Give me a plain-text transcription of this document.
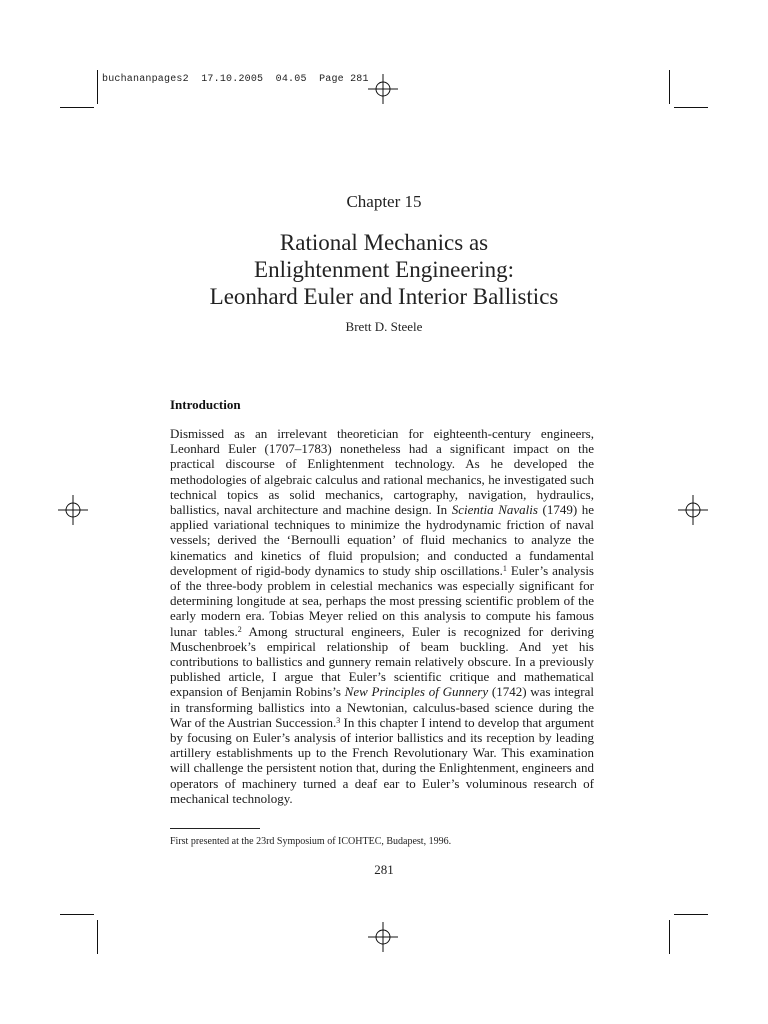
buchananpages2 17.10.2005 04.05 Page 281
Chapter 15
Rational Mechanics as
Enlightenment Engineering:
Leonhard Euler and Interior Ballistics
Brett D. Steele
Introduction

Dismissed as an irrelevant theoretician for eighteenth-century engineers, Leonhard Euler (1707–1783) nonetheless had a significant impact on the practical discourse of Enlightenment technology. As he developed the methodologies of algebraic calculus and rational mechanics, he investigated such technical topics as solid mechanics, cartography, navigation, hydraulics, ballistics, naval architecture and machine design. In Scientia Navalis (1749) he applied variational techniques to minimize the hydrodynamic friction of naval vessels; derived the ‘Bernoulli equation’ of fluid mechanics to analyze the kinematics and kinetics of fluid propulsion; and conducted a fundamental development of rigid-body dynamics to study ship oscillations.$^1$ Euler’s analysis of the three-body problem in celestial mechanics was especially significant for determining longitude at sea, perhaps the most pressing scientific problem of the early modern era. Tobias Meyer relied on this analysis to compute his famous lunar tables.$^2$ Among structural engineers, Euler is recognized for deriving Muschenbroek’s empirical relationship of beam buckling. And yet his contributions to ballistics and gunnery remain relatively obscure. In a previously published article, I argue that Euler’s scientific critique and mathematical expansion of Benjamin Robins’s New Principles of Gunnery (1742) was integral in transforming ballistics into a Newtonian, calculus-based science during the War of the Austrian Succession.$^3$ In this chapter I intend to develop that argument by focusing on Euler’s analysis of interior ballistics and its reception by leading artillery establishments up to the French Revolutionary War. This examination will challenge the persistent notion that, during the Enlightenment, engineers and operators of machinery turned a deaf ear to Euler’s voluminous research of mechanical technology.

First presented at the 23rd Symposium of ICOHTEC, Budapest, 1996.
281
